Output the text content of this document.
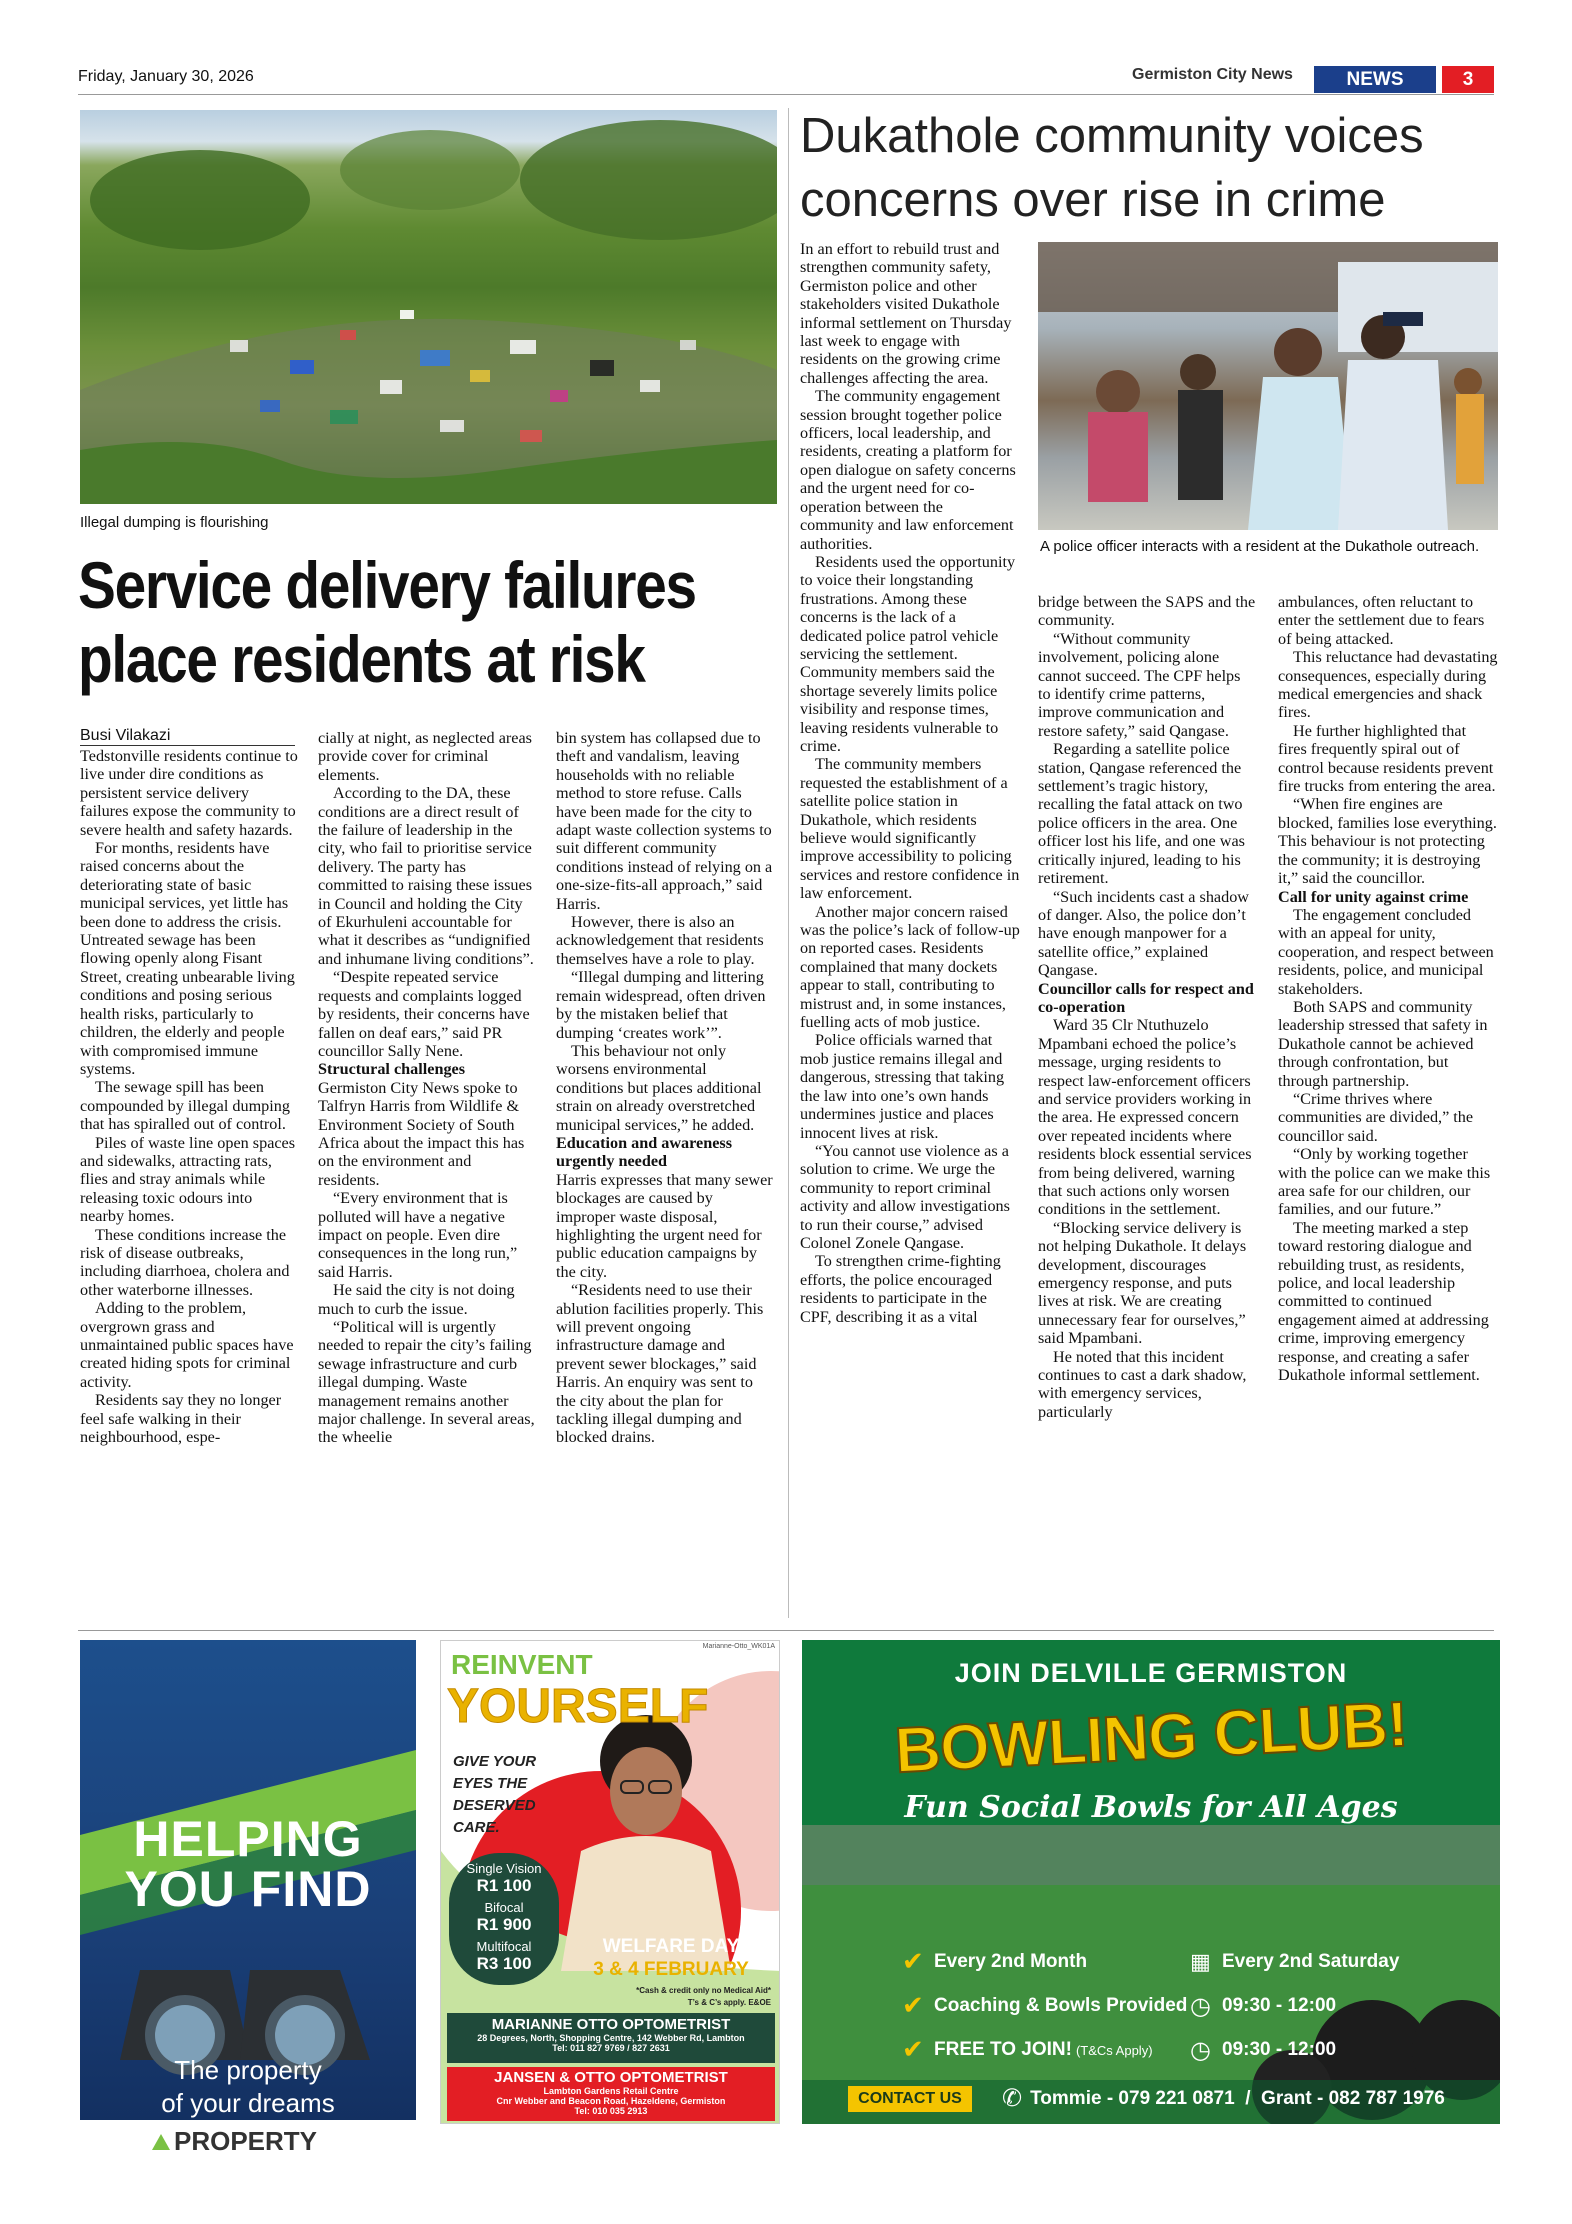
Friday, January 30, 2026	Germiston City News	NEWS	3
Illegal dumping is flourishing
Service delivery failures
place residents at risk
Busi Vilakazi

Tedstonville residents continue to live under dire conditions as persistent service delivery failures expose the community to severe health and safety hazards.

For months, residents have raised concerns about the deteriorating state of basic municipal services, yet little has been done to address the crisis. Untreated sewage has been flowing openly along Fisant Street, creating unbearable living conditions and posing serious health risks, particularly to children, the elderly and people with compromised immune systems.

The sewage spill has been compounded by illegal dumping that has spiralled out of control.

Piles of waste line open spaces and sidewalks, attracting rats, flies and stray animals while releasing toxic odours into nearby homes.

These conditions increase the risk of disease outbreaks, including diarrhoea, cholera and other waterborne illnesses.

Adding to the problem, overgrown grass and unmaintained public spaces have created hiding spots for criminal activity.

Residents say they no longer feel safe walking in their neighbourhood, espe-

cially at night, as neglected areas provide cover for criminal elements.

According to the DA, these conditions are a direct result of the failure of leadership in the city, who fail to prioritise service delivery. The party has committed to raising these issues in Council and holding the City of Ekurhuleni accountable for what it describes as “undignified and inhumane living conditions”.

“Despite repeated service requests and complaints logged by residents, their concerns have fallen on deaf ears,” said PR councillor Sally Nene.

Structural challenges

Germiston City News spoke to Talfryn Harris from Wildlife & Environment Society of South Africa about the impact this has on the environment and residents.

“Every environment that is polluted will have a negative impact on people. Even dire consequences in the long run,” said Harris.

He said the city is not doing much to curb the issue.

“Political will is urgently needed to repair the city’s failing sewage infrastructure and curb illegal dumping. Waste management remains another major challenge. In several areas, the wheelie

bin system has collapsed due to theft and vandalism, leaving households with no reliable method to store refuse. Calls have been made for the city to adapt waste collection systems to suit different community conditions instead of relying on a one-size-fits-all approach,” said Harris.

However, there is also an acknowledgement that residents themselves have a role to play.

“Illegal dumping and littering remain widespread, often driven by the mistaken belief that dumping ‘creates work’”.

This behaviour not only worsens environmental conditions but places additional strain on already overstretched municipal services,” he added.

Education and awareness urgently needed

Harris expresses that many sewer blockages are caused by improper waste disposal, highlighting the urgent need for public education campaigns by the city.

“Residents need to use their ablution facilities properly. This will prevent ongoing infrastructure damage and prevent sewer blockages,” said Harris. An enquiry was sent to the city about the plan for tackling illegal dumping and blocked drains.

Dukathole community voices
concerns over rise in crime
A police officer interacts with a resident at the Dukathole outreach.

In an effort to rebuild trust and strengthen community safety, Germiston police and other stakeholders visited Dukathole informal settlement on Thursday last week to engage with residents on the growing crime challenges affecting the area.

The community engagement session brought together police officers, local leadership, and residents, creating a platform for open dialogue on safety concerns and the urgent need for co-operation between the community and law enforcement authorities.

Residents used the opportunity to voice their longstanding frustrations. Among these concerns is the lack of a dedicated police patrol vehicle servicing the settlement. Community members said the shortage severely limits police visibility and response times, leaving residents vulnerable to crime.

The community members requested the establishment of a satellite police station in Dukathole, which residents believe would significantly improve accessibility to policing services and restore confidence in law enforcement.

Another major concern raised was the police’s lack of follow-up on reported cases. Residents complained that many dockets appear to stall, contributing to mistrust and, in some instances, fuelling acts of mob justice.

Police officials warned that mob justice remains illegal and dangerous, stressing that taking the law into one’s own hands undermines justice and places innocent lives at risk.

“You cannot use violence as a solution to crime. We urge the community to report criminal activity and allow investigations to run their course,” advised Colonel Zonele Qangase.

To strengthen crime-fighting efforts, the police encouraged residents to participate in the CPF, describing it as a vital

bridge between the SAPS and the community.

“Without community involvement, policing alone cannot succeed. The CPF helps to identify crime patterns, improve communication and restore safety,” said Qangase.

Regarding a satellite police station, Qangase referenced the settlement’s tragic history, recalling the fatal attack on two police officers in the area. One officer lost his life, and one was critically injured, leading to his retirement.

“Such incidents cast a shadow of danger. Also, the police don’t have enough manpower for a satellite office,” explained Qangase.

Councillor calls for respect and co-operation

Ward 35 Clr Ntuthuzelo Mpambani echoed the police’s message, urging residents to respect law-enforcement officers and service providers working in the area. He expressed concern over repeated incidents where residents block essential services from being delivered, warning that such actions only worsen conditions in the settlement.

“Blocking service delivery is not helping Dukathole. It delays development, discourages emergency response, and puts lives at risk. We are creating unnecessary fear for ourselves,” said Mpambani.

He noted that this incident continues to cast a dark shadow, with emergency services, particularly

ambulances, often reluctant to enter the settlement due to fears of being attacked.

This reluctance had devastating consequences, especially during medical emergencies and shack fires.

He further highlighted that fires frequently spiral out of control because residents prevent fire trucks from entering the area.

“When fire engines are blocked, families lose everything. This behaviour is not protecting the community; it is destroying it,” said the councillor.

Call for unity against crime

The engagement concluded with an appeal for unity, cooperation, and respect between residents, police, and municipal stakeholders.

Both SAPS and community leadership stressed that safety in Dukathole cannot be achieved through confrontation, but through partnership.

“Crime thrives where communities are divided,” the councillor said.

“Only by working together with the police can we make this area safe for our children, our families, and our future.”

The meeting marked a step toward restoring dialogue and rebuilding trust, as residents, police, and local leadership committed to continued engagement aimed at addressing crime, improving emergency response, and creating a safer Dukathole informal settlement.

HELPING
YOU FIND
The property
of your dreams
PROPERTY
Marianne-Otto_WK01A
REINVENT
YOURSELF
GIVE YOUR
EYES THE
DESERVED
CARE.
Single Vision
R1 100
Bifocal
R1 900
Multifocal
R3 100
WELFARE DAY
3 & 4 FEBRUARY
*Cash & credit only no Medical Aid*
T’s & C’s apply. E&OE
MARIANNE OTTO OPTOMETRIST
28 Degrees, North, Shopping Centre, 142 Webber Rd, Lambton
Tel: 011 827 9769 / 827 2631
JANSEN & OTTO OPTOMETRIST
Lambton Gardens Retail Centre
Cnr Webber and Beacon Road, Hazeldene, Germiston
Tel: 010 035 2913
JOIN DELVILLE GERMISTON
BOWLING CLUB!
Fun Social Bowls for All Ages
✔ Every 2nd Month
✔ Coaching & Bowls Provided
✔ FREE TO JOIN! (T&Cs Apply)
▦ Every 2nd Saturday
◷ 09:30 - 12:00
◷ 09:30 - 12:00
CONTACT US	✆ Tommie - 079 221 0871  /  Grant - 082 787 1976
